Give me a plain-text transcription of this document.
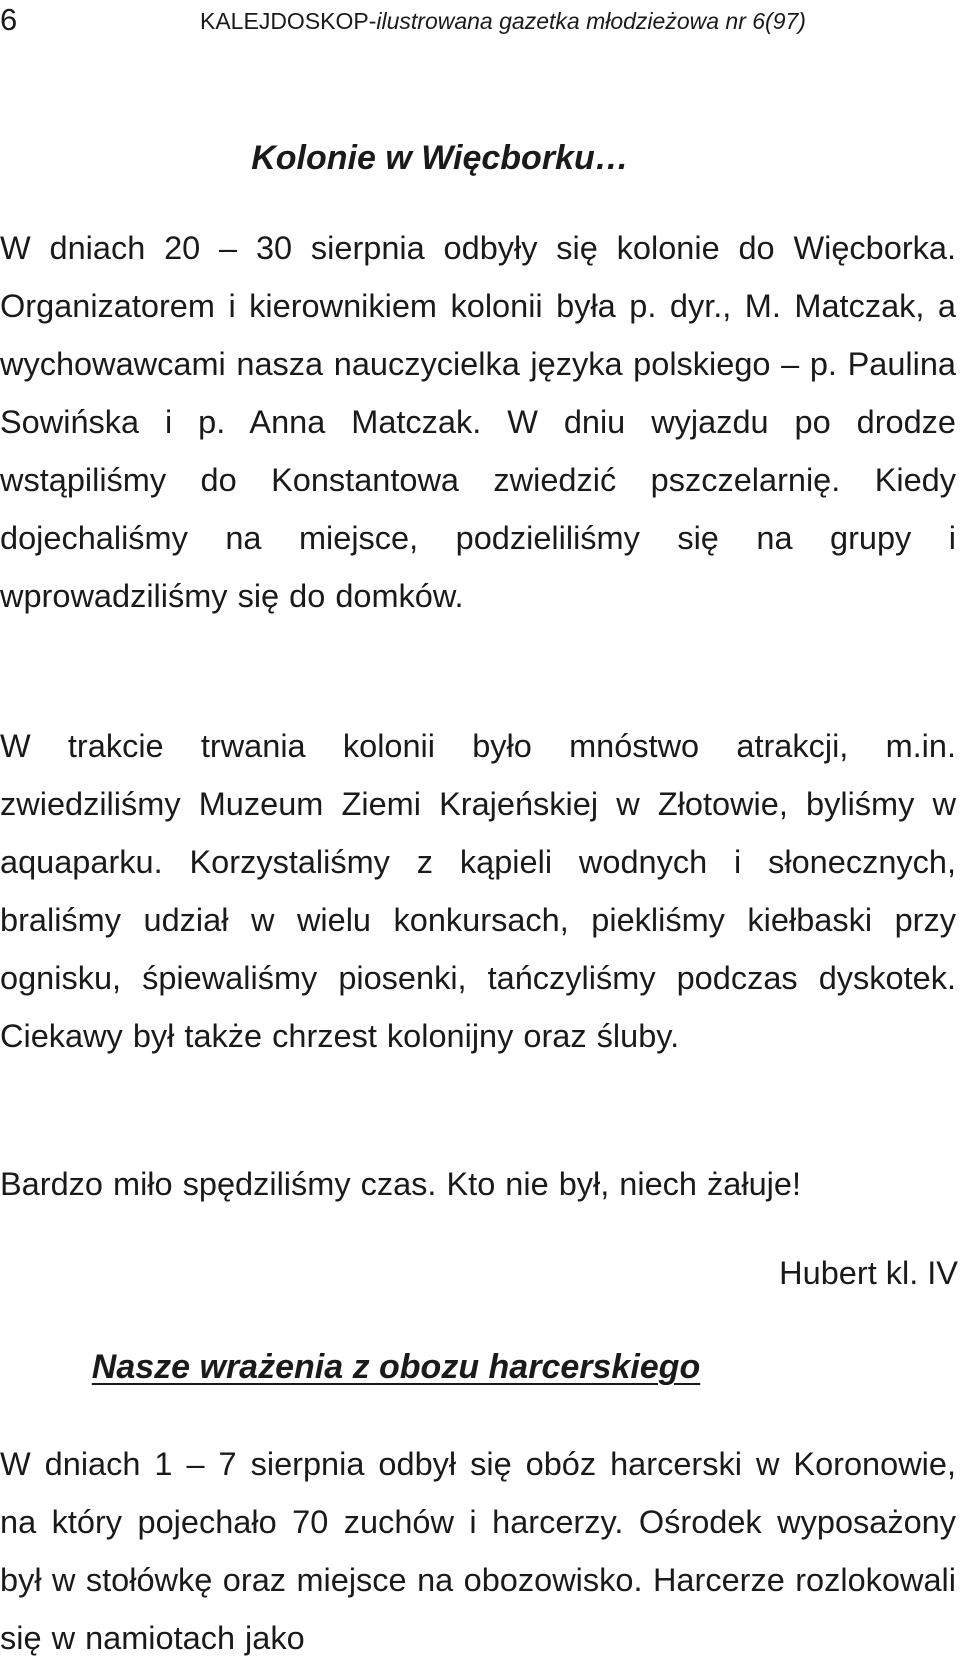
6	KALEJDOSKOP-ilustrowana gazetka młodzieżowa nr 6(97)
Kolonie w Więcborku…

W dniach 20 – 30 sierpnia odbyły się kolonie do Więcborka. Organizatorem i kierownikiem kolonii była p. dyr., M. Matczak, a wychowawcami nasza nauczycielka języka polskiego – p. Paulina Sowińska i p. Anna Matczak. W dniu wyjazdu po drodze wstąpiliśmy do Konstantowa zwiedzić pszczelarnię. Kiedy dojechaliśmy na miejsce, podzieliliśmy się na grupy i wprowadziliśmy się do domków.

W trakcie trwania kolonii było mnóstwo atrakcji, m.in. zwiedziliśmy Muzeum Ziemi Krajeńskiej w Złotowie, byliśmy w aquaparku. Korzystaliśmy z kąpieli wodnych i słonecznych, braliśmy udział w wielu konkursach, piekliśmy kiełbaski przy ognisku, śpiewaliśmy piosenki, tańczyliśmy podczas dyskotek. Ciekawy był także chrzest kolonijny oraz śluby.

Bardzo miło spędziliśmy czas. Kto nie był, niech żałuje!

Hubert kl. IV
Nasze wrażenia z obozu harcerskiego

W dniach 1 – 7 sierpnia odbył się obóz harcerski w Koronowie, na który pojechało 70 zuchów i harcerzy. Ośrodek wyposażony był w stołówkę oraz miejsce na obozowisko. Harcerze rozlokowali się w namiotach jako
